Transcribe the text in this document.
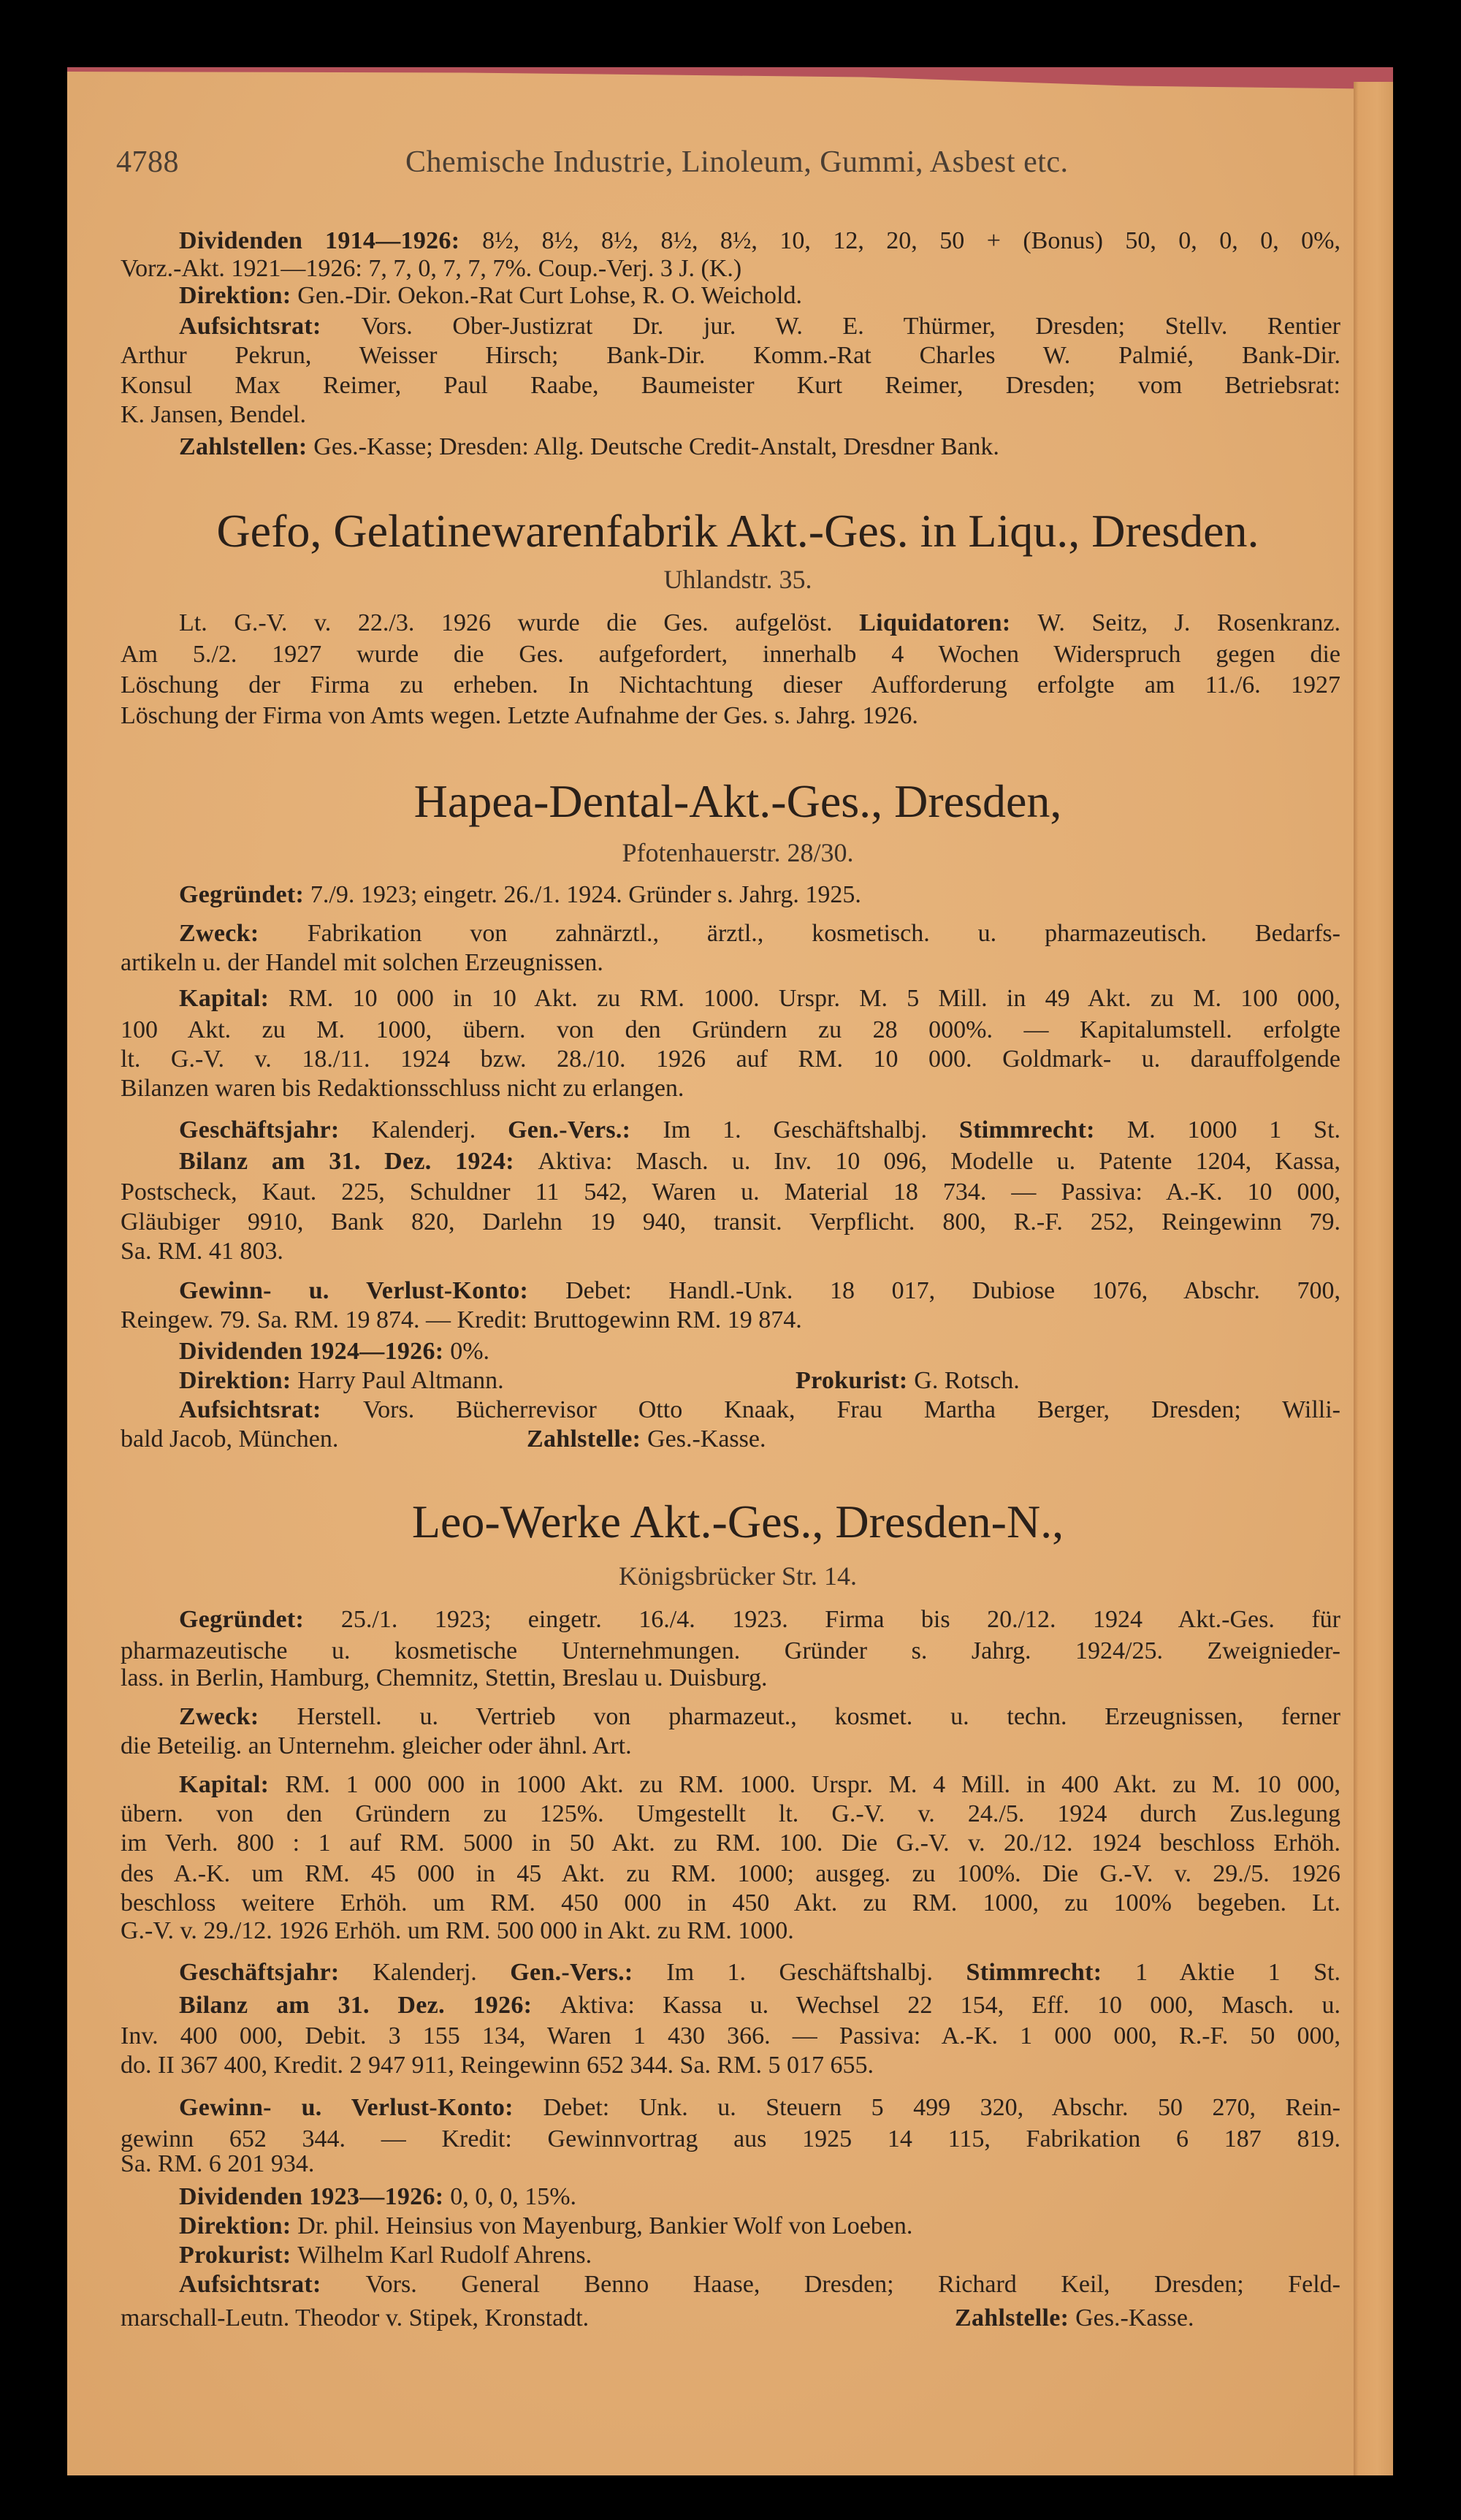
4788	Chemische Industrie, Linoleum, Gummi, Asbest etc.
Gefo, Gelatinewarenfabrik Akt.-Ges. in Liqu., Dresden.
Uhlandstr. 35.
Hapea-Dental-Akt.-Ges., Dresden,
Pfotenhauerstr. 28/30.
Leo-Werke Akt.-Ges., Dresden-N.,
Königsbrücker Str. 14.
Dividenden 1914—1926: 8½, 8½, 8½, 8½, 8½, 10, 12, 20, 50 + (Bonus) 50, 0, 0, 0, 0%,
Vorz.-Akt. 1921—1926: 7, 7, 0, 7, 7, 7%. Coup.-Verj. 3 J. (K.)
Direktion: Gen.-Dir. Oekon.-Rat Curt Lohse, R. O. Weichold.
Aufsichtsrat: Vors. Ober-Justizrat Dr. jur. W. E. Thürmer, Dresden; Stellv. Rentier
Arthur Pekrun, Weisser Hirsch; Bank-Dir. Komm.-Rat Charles W. Palmié, Bank-Dir.
Konsul Max Reimer, Paul Raabe, Baumeister Kurt Reimer, Dresden; vom Betriebsrat:
K. Jansen, Bendel.
Zahlstellen: Ges.-Kasse; Dresden: Allg. Deutsche Credit-Anstalt, Dresdner Bank.
Lt. G.-V. v. 22./3. 1926 wurde die Ges. aufgelöst. Liquidatoren: W. Seitz, J. Rosenkranz.
Am 5./2. 1927 wurde die Ges. aufgefordert, innerhalb 4 Wochen Widerspruch gegen die
Löschung der Firma zu erheben. In Nichtachtung dieser Aufforderung erfolgte am 11./6. 1927
Löschung der Firma von Amts wegen. Letzte Aufnahme der Ges. s. Jahrg. 1926.
Gegründet: 7./9. 1923; eingetr. 26./1. 1924. Gründer s. Jahrg. 1925.
Zweck: Fabrikation von zahnärztl., ärztl., kosmetisch. u. pharmazeutisch. Bedarfs-
artikeln u. der Handel mit solchen Erzeugnissen.
Kapital: RM. 10 000 in 10 Akt. zu RM. 1000. Urspr. M. 5 Mill. in 49 Akt. zu M. 100 000,
100 Akt. zu M. 1000, übern. von den Gründern zu 28 000%. — Kapitalumstell. erfolgte
lt. G.-V. v. 18./11. 1924 bzw. 28./10. 1926 auf RM. 10 000. Goldmark- u. darauffolgende
Bilanzen waren bis Redaktionsschluss nicht zu erlangen.
Geschäftsjahr: Kalenderj. Gen.-Vers.: Im 1. Geschäftshalbj. Stimmrecht: M. 1000 1 St.
Bilanz am 31. Dez. 1924: Aktiva: Masch. u. Inv. 10 096, Modelle u. Patente 1204, Kassa,
Postscheck, Kaut. 225, Schuldner 11 542, Waren u. Material 18 734. — Passiva: A.-K. 10 000,
Gläubiger 9910, Bank 820, Darlehn 19 940, transit. Verpflicht. 800, R.-F. 252, Reingewinn 79.
Sa. RM. 41 803.
Gewinn- u. Verlust-Konto: Debet: Handl.-Unk. 18 017, Dubiose 1076, Abschr. 700,
Reingew. 79. Sa. RM. 19 874. — Kredit: Bruttogewinn RM. 19 874.
Dividenden 1924—1926: 0%.
Direktion: Harry Paul Altmann.	Prokurist: G. Rotsch.
Aufsichtsrat: Vors. Bücherrevisor Otto Knaak, Frau Martha Berger, Dresden; Willi-
bald Jacob, München.	Zahlstelle: Ges.-Kasse.
Gegründet: 25./1. 1923; eingetr. 16./4. 1923. Firma bis 20./12. 1924 Akt.-Ges. für
pharmazeutische u. kosmetische Unternehmungen. Gründer s. Jahrg. 1924/25. Zweignieder-
lass. in Berlin, Hamburg, Chemnitz, Stettin, Breslau u. Duisburg.
Zweck: Herstell. u. Vertrieb von pharmazeut., kosmet. u. techn. Erzeugnissen, ferner
die Beteilig. an Unternehm. gleicher oder ähnl. Art.
Kapital: RM. 1 000 000 in 1000 Akt. zu RM. 1000. Urspr. M. 4 Mill. in 400 Akt. zu M. 10 000,
übern. von den Gründern zu 125%. Umgestellt lt. G.-V. v. 24./5. 1924 durch Zus.legung
im Verh. 800 : 1 auf RM. 5000 in 50 Akt. zu RM. 100. Die G.-V. v. 20./12. 1924 beschloss Erhöh.
des A.-K. um RM. 45 000 in 45 Akt. zu RM. 1000; ausgeg. zu 100%. Die G.-V. v. 29./5. 1926
beschloss weitere Erhöh. um RM. 450 000 in 450 Akt. zu RM. 1000, zu 100% begeben. Lt.
G.-V. v. 29./12. 1926 Erhöh. um RM. 500 000 in Akt. zu RM. 1000.
Geschäftsjahr: Kalenderj. Gen.-Vers.: Im 1. Geschäftshalbj. Stimmrecht: 1 Aktie 1 St.
Bilanz am 31. Dez. 1926: Aktiva: Kassa u. Wechsel 22 154, Eff. 10 000, Masch. u.
Inv. 400 000, Debit. 3 155 134, Waren 1 430 366. — Passiva: A.-K. 1 000 000, R.-F. 50 000,
do. II 367 400, Kredit. 2 947 911, Reingewinn 652 344. Sa. RM. 5 017 655.
Gewinn- u. Verlust-Konto: Debet: Unk. u. Steuern 5 499 320, Abschr. 50 270, Rein-
gewinn 652 344. — Kredit: Gewinnvortrag aus 1925 14 115, Fabrikation 6 187 819.
Sa. RM. 6 201 934.
Dividenden 1923—1926: 0, 0, 0, 15%.
Direktion: Dr. phil. Heinsius von Mayenburg, Bankier Wolf von Loeben.
Prokurist: Wilhelm Karl Rudolf Ahrens.
Aufsichtsrat: Vors. General Benno Haase, Dresden; Richard Keil, Dresden; Feld-
marschall-Leutn. Theodor v. Stipek, Kronstadt.	Zahlstelle: Ges.-Kasse.
